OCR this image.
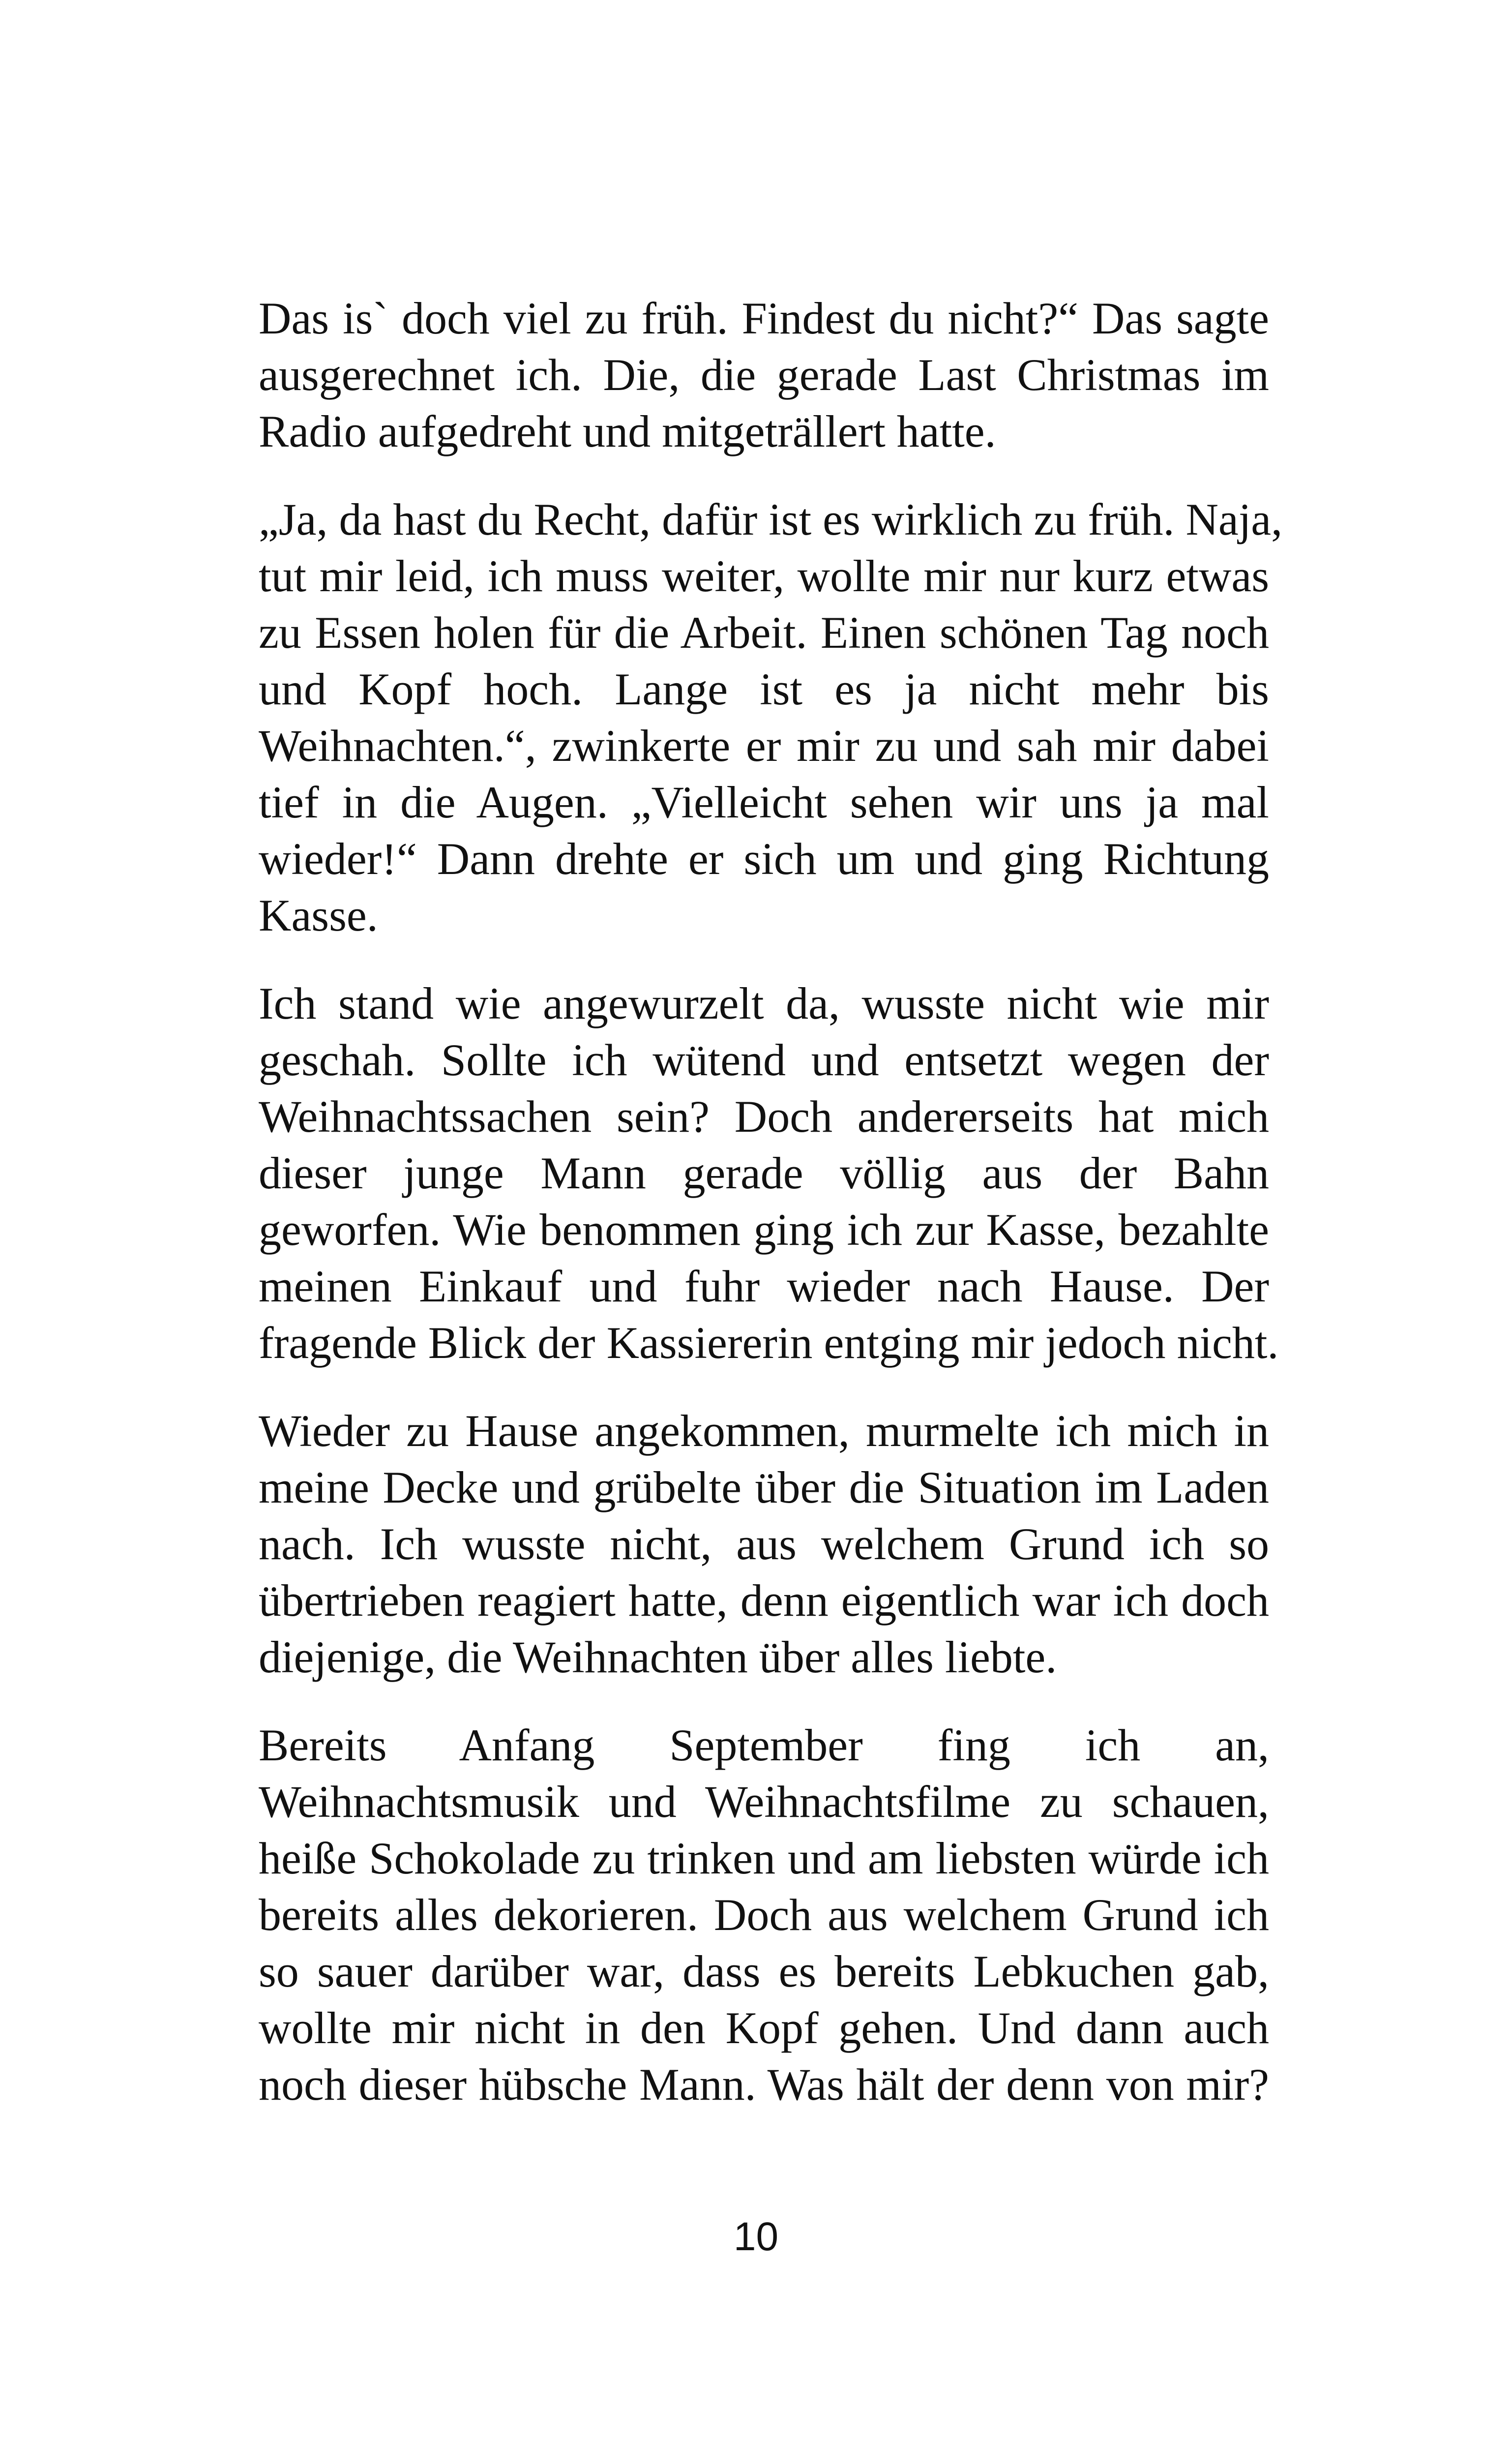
Das is` doch viel zu früh. Findest du nicht?“ Das sagte
ausgerechnet ich. Die, die gerade Last Christmas im
Radio aufgedreht und mitgeträllert hatte.

„Ja, da hast du Recht, dafür ist es wirklich zu früh. Naja,
tut mir leid, ich muss weiter, wollte mir nur kurz etwas
zu Essen holen für die Arbeit. Einen schönen Tag noch
und Kopf hoch. Lange ist es ja nicht mehr bis
Weihnachten.“, zwinkerte er mir zu und sah mir dabei
tief in die Augen. „Vielleicht sehen wir uns ja mal
wieder!“ Dann drehte er sich um und ging Richtung
Kasse.

Ich stand wie angewurzelt da, wusste nicht wie mir
geschah. Sollte ich wütend und entsetzt wegen der
Weihnachtssachen sein? Doch andererseits hat mich
dieser junge Mann gerade völlig aus der Bahn
geworfen. Wie benommen ging ich zur Kasse, bezahlte
meinen Einkauf und fuhr wieder nach Hause. Der
fragende Blick der Kassiererin entging mir jedoch nicht.

Wieder zu Hause angekommen, murmelte ich mich in
meine Decke und grübelte über die Situation im Laden
nach. Ich wusste nicht, aus welchem Grund ich so
übertrieben reagiert hatte, denn eigentlich war ich doch
diejenige, die Weihnachten über alles liebte.

Bereits Anfang September fing ich an,
Weihnachtsmusik und Weihnachtsfilme zu schauen,
heiße Schokolade zu trinken und am liebsten würde ich
bereits alles dekorieren. Doch aus welchem Grund ich
so sauer darüber war, dass es bereits Lebkuchen gab,
wollte mir nicht in den Kopf gehen. Und dann auch
noch dieser hübsche Mann. Was hält der denn von mir?

10
